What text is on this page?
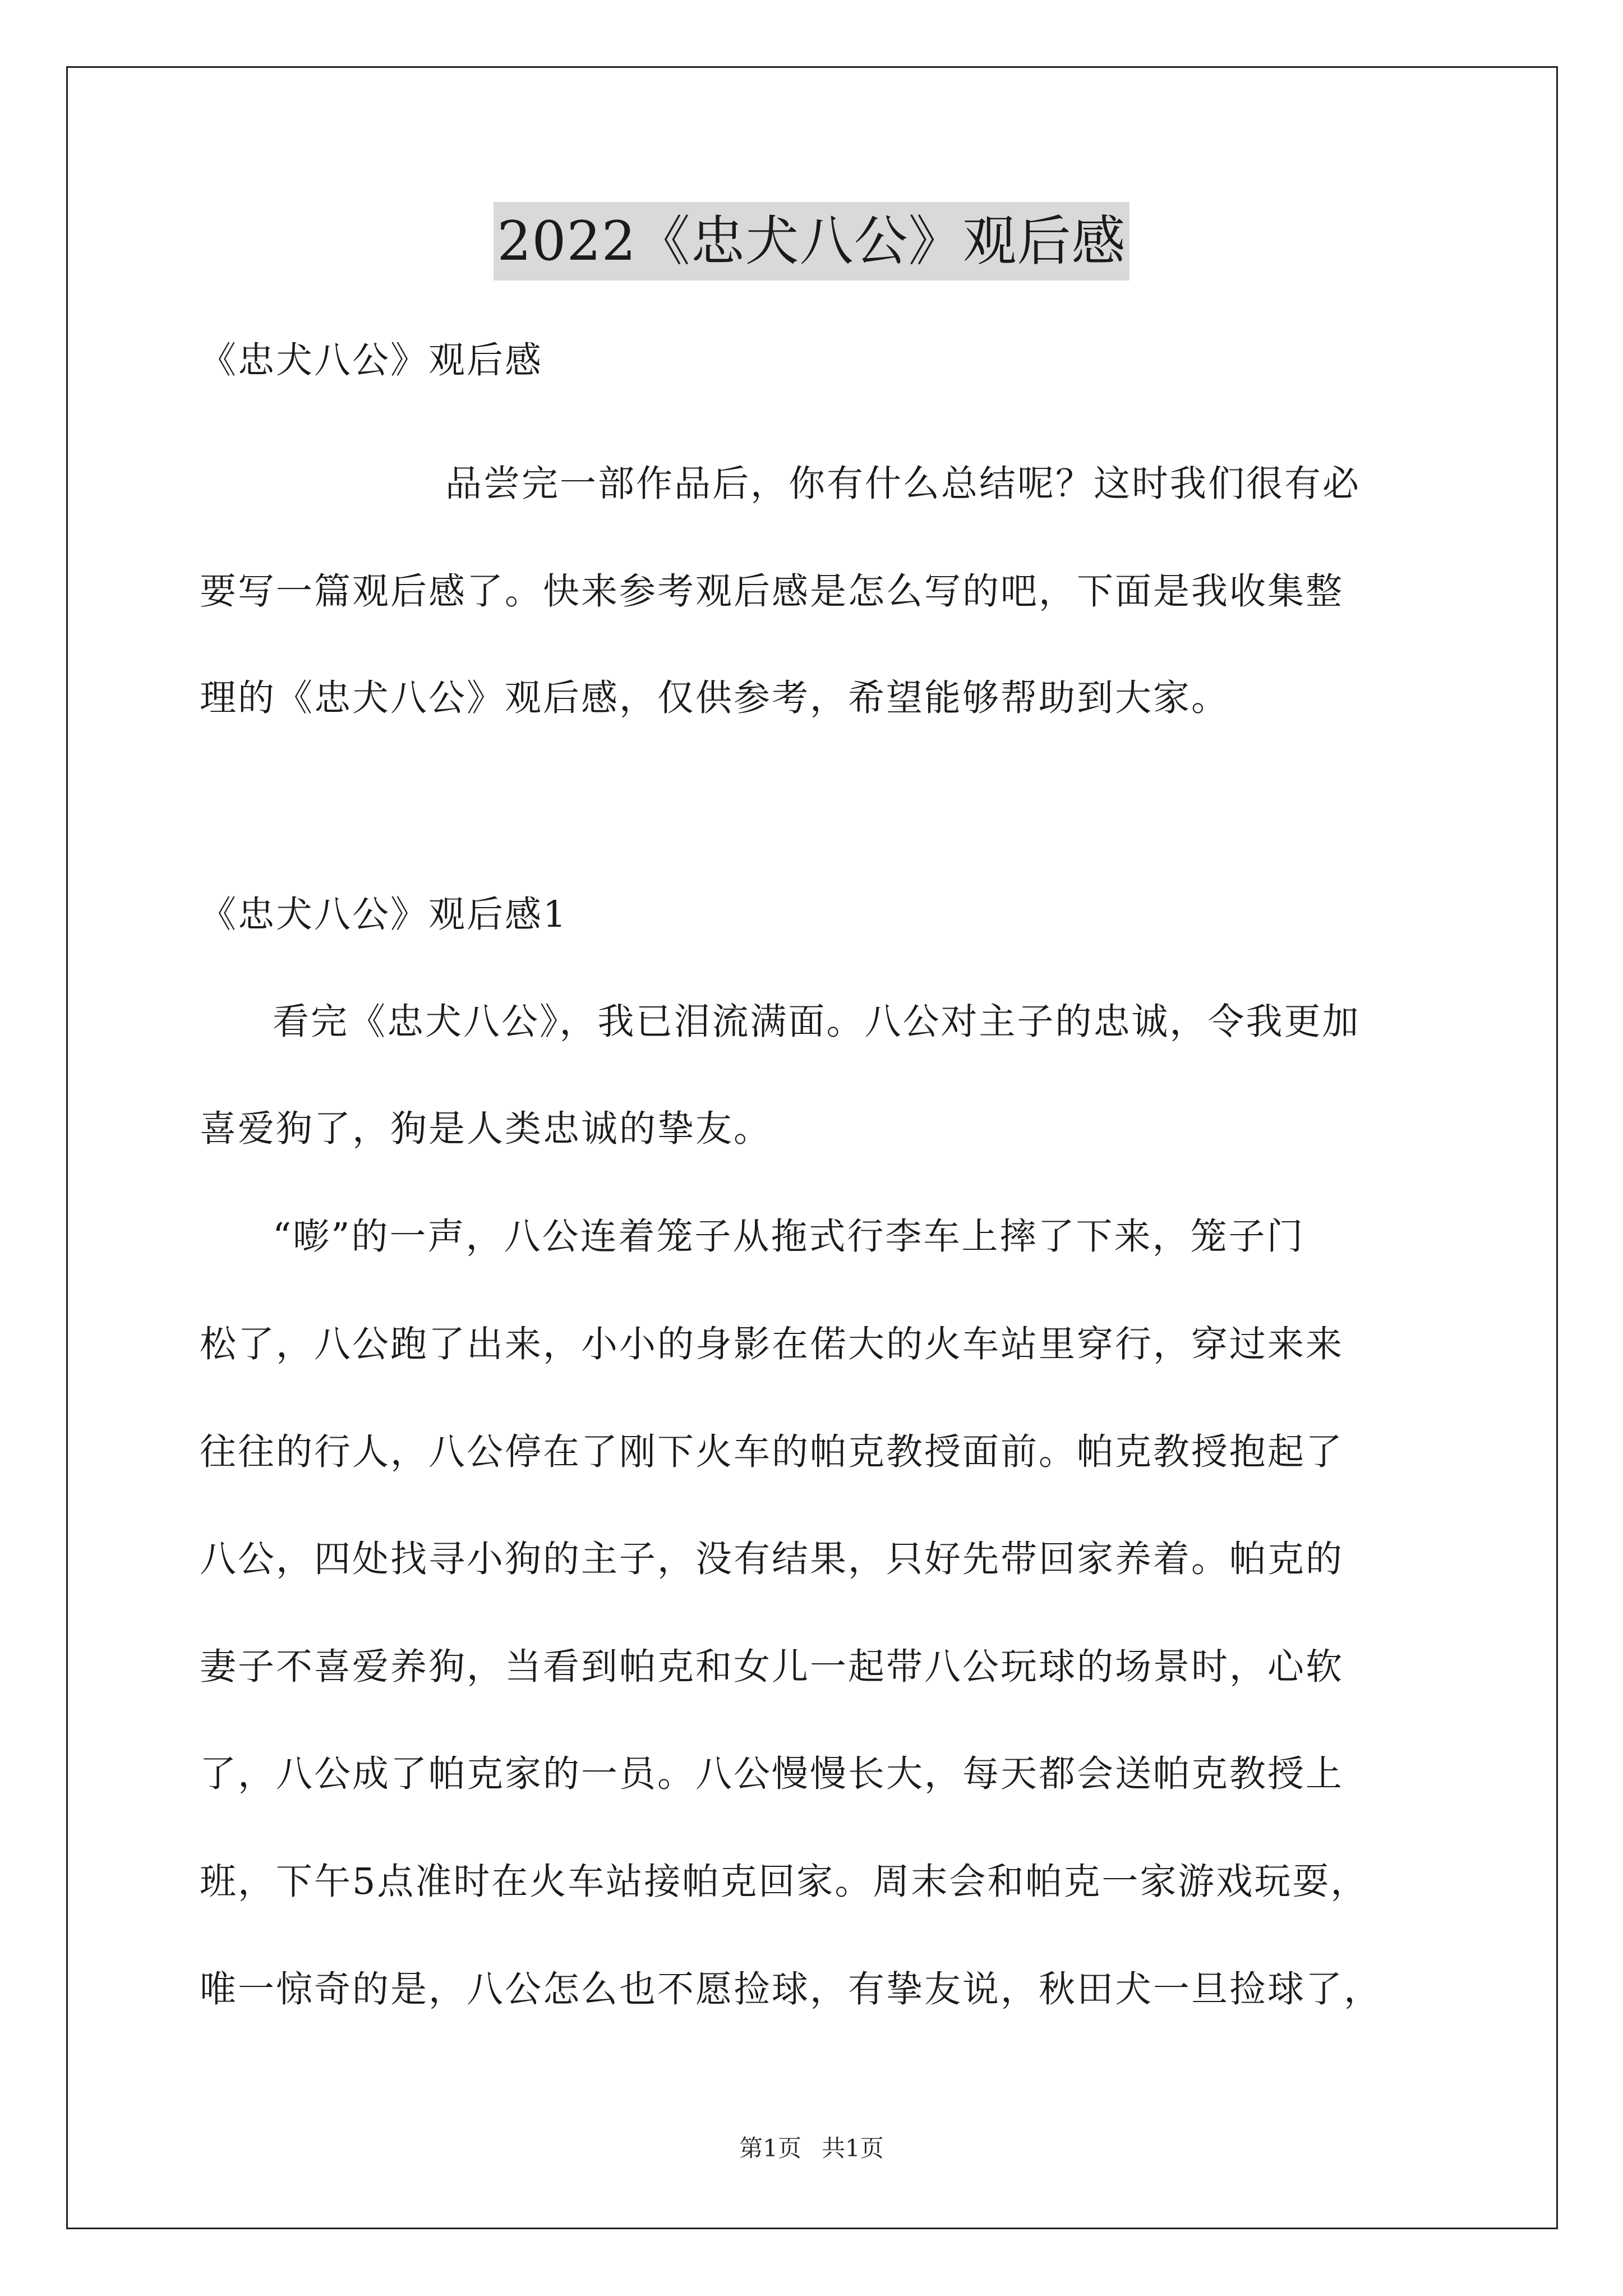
2022《忠犬八公》观后感
《忠犬八公》观后感
品尝完一部作品后，你有什么总结呢？这时我们很有必
要写一篇观后感了。快来参考观后感是怎么写的吧，下面是我收集整
理的《忠犬八公》观后感，仅供参考，希望能够帮助到大家。
《忠犬八公》观后感1
看完《忠犬八公》，我已泪流满面。八公对主子的忠诚，令我更加
喜爱狗了，狗是人类忠诚的挚友。
“嘭”的一声，八公连着笼子从拖式行李车上摔了下来，笼子门
松了，八公跑了出来，小小的身影在偌大的火车站里穿行，穿过来来
往往的行人，八公停在了刚下火车的帕克教授面前。帕克教授抱起了
八公，四处找寻小狗的主子，没有结果，只好先带回家养着。帕克的
妻子不喜爱养狗，当看到帕克和女儿一起带八公玩球的场景时，心软
了，八公成了帕克家的一员。八公慢慢长大，每天都会送帕克教授上
班，下午5点准时在火车站接帕克回家。周末会和帕克一家游戏玩耍，
唯一惊奇的是，八公怎么也不愿捡球，有挚友说，秋田犬一旦捡球了，
第1页 共1页
